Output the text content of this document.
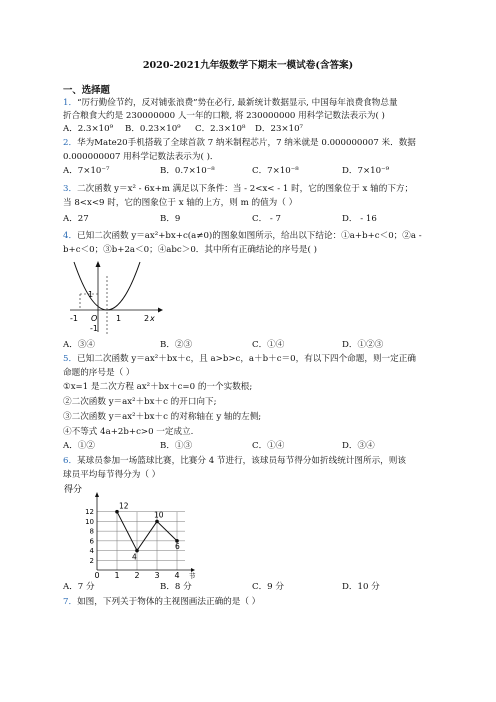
2020-2021九年级数学下期末一模试卷(含答案)
一、选择题
1．“厉行勤俭节约，反对铺张浪费”势在必行, 最新统计数据显示, 中国每年浪费食物总量
折合粮食大约是 230000000 人一年的口粮, 将 230000000 用科学记数法表示为( )
A．2.3×10⁹ B．0.23×10⁹ C．2.3×10⁸ D．23×10⁷
2．华为Mate20手机搭载了全球首款 7 纳米制程芯片，7 纳米就是 0.000000007 米．数据
0.000000007 用科学记数法表示为( )．
A．7×10⁻⁷	B．0.7×10⁻⁸	C．7×10⁻⁸	D．7×10⁻⁹
3．二次函数 y＝x² - 6x+m 满足以下条件：当 - 2<x< - 1 时，它的图象位于 x 轴的下方；
当 8<x<9 时，它的图象位于 x 轴的上方，则 m 的值为（ ）
A．27	B．9	C． - 7	D． - 16
4．已知二次函数 y＝ax²+bx+c(a≠0)的图象如图所示，给出以下结论：①a+b+c＜0；②a -
b+c＜0；③b+2a＜0；④abc＞0．其中所有正确结论的序号是( )
1
x
-1 O 1	2
-1
A．③④	B．②③	C．①④	D．①②③
5．已知二次函数 y＝ax²＋bx＋c，且 a>b>c，a＋b＋c＝0，有以下四个命题，则一定正确
命题的序号是（ ）
①x=1 是二次方程 ax²＋bx＋c=0 的一个实数根;
②二次函数 y＝ax²＋bx＋c 的开口向下;
③二次函数 y＝ax²＋bx＋c 的对称轴在 y 轴的左侧;
④不等式 4a+2b+c>0 一定成立.
A．①②	B．①③	C．①④	D．③④
6．某球员参加一场篮球比赛，比赛分 4 节进行，该球员每节得分如折线统计图所示，则该
球员平均每节得分为（ ）
2
4
6
8
10
12
0 1 2 3 4
12
4
10
6
得分
节
A．7 分	B．8 分	C．9 分	D．10 分
7．如图，下列关于物体的主视图画法正确的是（ ）
